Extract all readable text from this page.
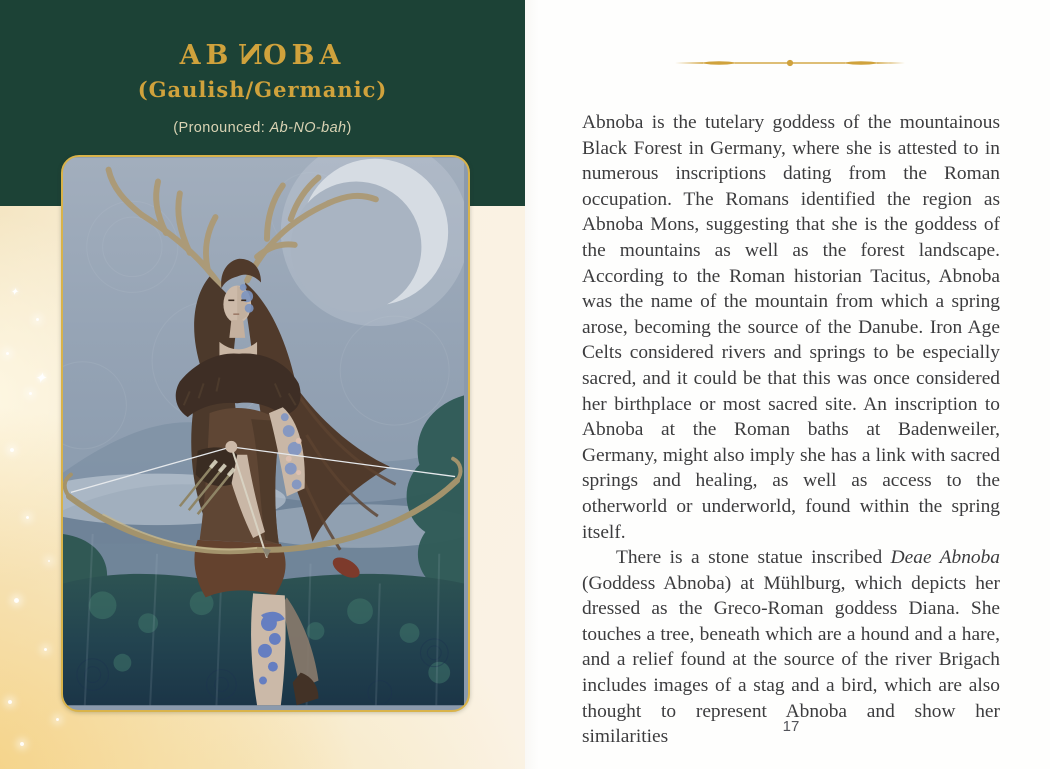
ABNOBA
(Gaulish/Germanic)

(Pronounced: Ab-NO-bah)

✦
✦

Abnoba is the tutelary goddess of the mountainous Black Forest in Germany, where she is attested to in numerous inscriptions dating from the Roman occupation. The Romans identified the region as Abnoba Mons, suggesting that she is the goddess of the mountains as well as the forest landscape. According to the Roman historian Tacitus, Abnoba was the name of the mountain from which a spring arose, becoming the source of the Danube. Iron Age Celts considered rivers and springs to be especially sacred, and it could be that this was once considered her birthplace or most sacred site. An inscription to Abnoba at the Roman baths at Badenweiler, Germany, might also imply she has a link with sacred springs and healing, as well as access to the otherworld or underworld, found within the spring itself.

There is a stone statue inscribed Deae Abnoba (Goddess Abnoba) at Mühlburg, which depicts her dressed as the Greco-Roman goddess Diana. She touches a tree, beneath which are a hound and a hare, and a relief found at the source of the river Brigach includes images of a stag and a bird, which are also thought to represent Abnoba and show her similarities	17
